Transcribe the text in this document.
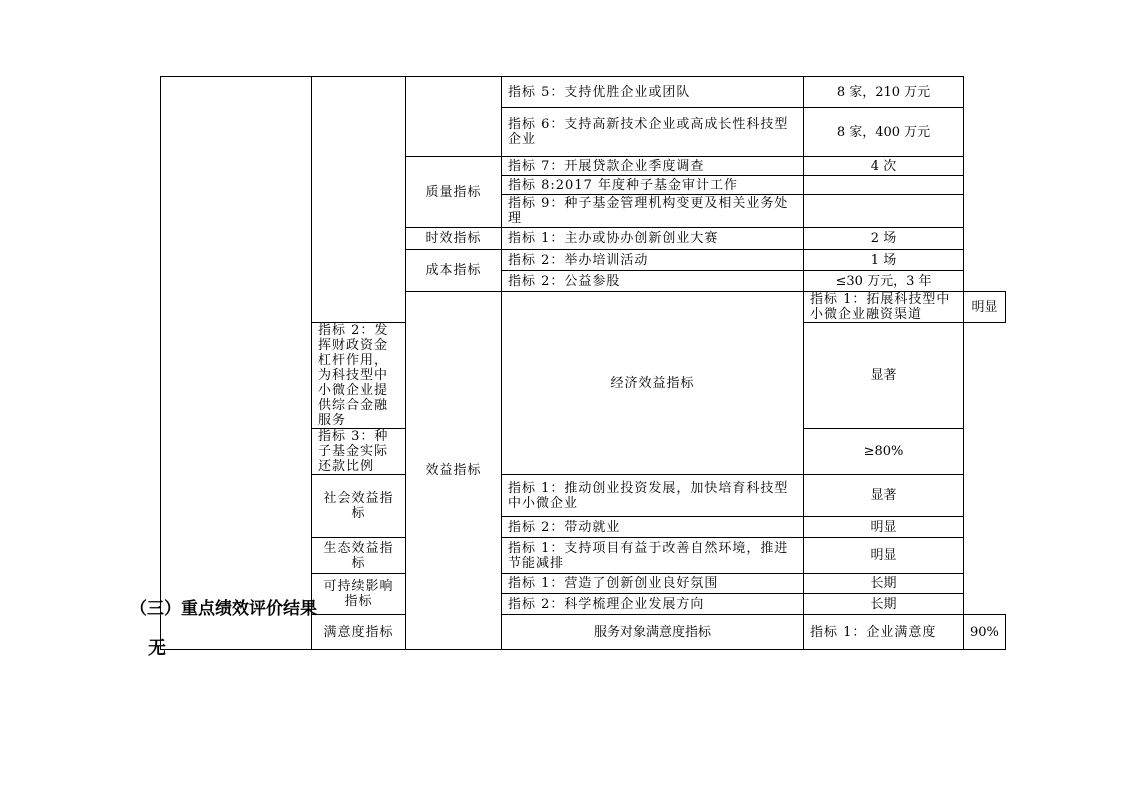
			指标 5：支持优胜企业或团队	8 家，210 万元	
			指标 6：支持高新技术企业或高成长性科技型企业	8 家，400 万元	
		质量指标	指标 7：开展贷款企业季度调查	4 次	
			指标 8:2017 年度种子基金审计工作		
			指标 9：种子基金管理机构变更及相关业务处理		
		时效指标	指标 1：主办或协办创新创业大赛	2 场	
		成本指标	指标 2：举办培训活动	1 场	
			指标 2：公益参股	≤30 万元，3 年	
		效益指标	经济效益指标	指标 1：拓展科技型中小微企业融资渠道	明显
	指标 2：发挥财政资金杠杆作用，为科技型中小微企业提供综合金融服务			显著	
	指标 3：种子基金实际还款比例			≥80%	
	社会效益指标		指标 1：推动创业投资发展，加快培育科技型中小微企业	显著	
			指标 2：带动就业	明显	
	生态效益指标		指标 1：支持项目有益于改善自然环境，推进节能减排	明显	
	可持续影响指标		指标 1：营造了创新创业良好氛围	长期	
			指标 2：科学梳理企业发展方向	长期	
	满意度指标		服务对象满意度指标	指标 1：企业满意度	90%
（三）重点绩效评价结果

无
